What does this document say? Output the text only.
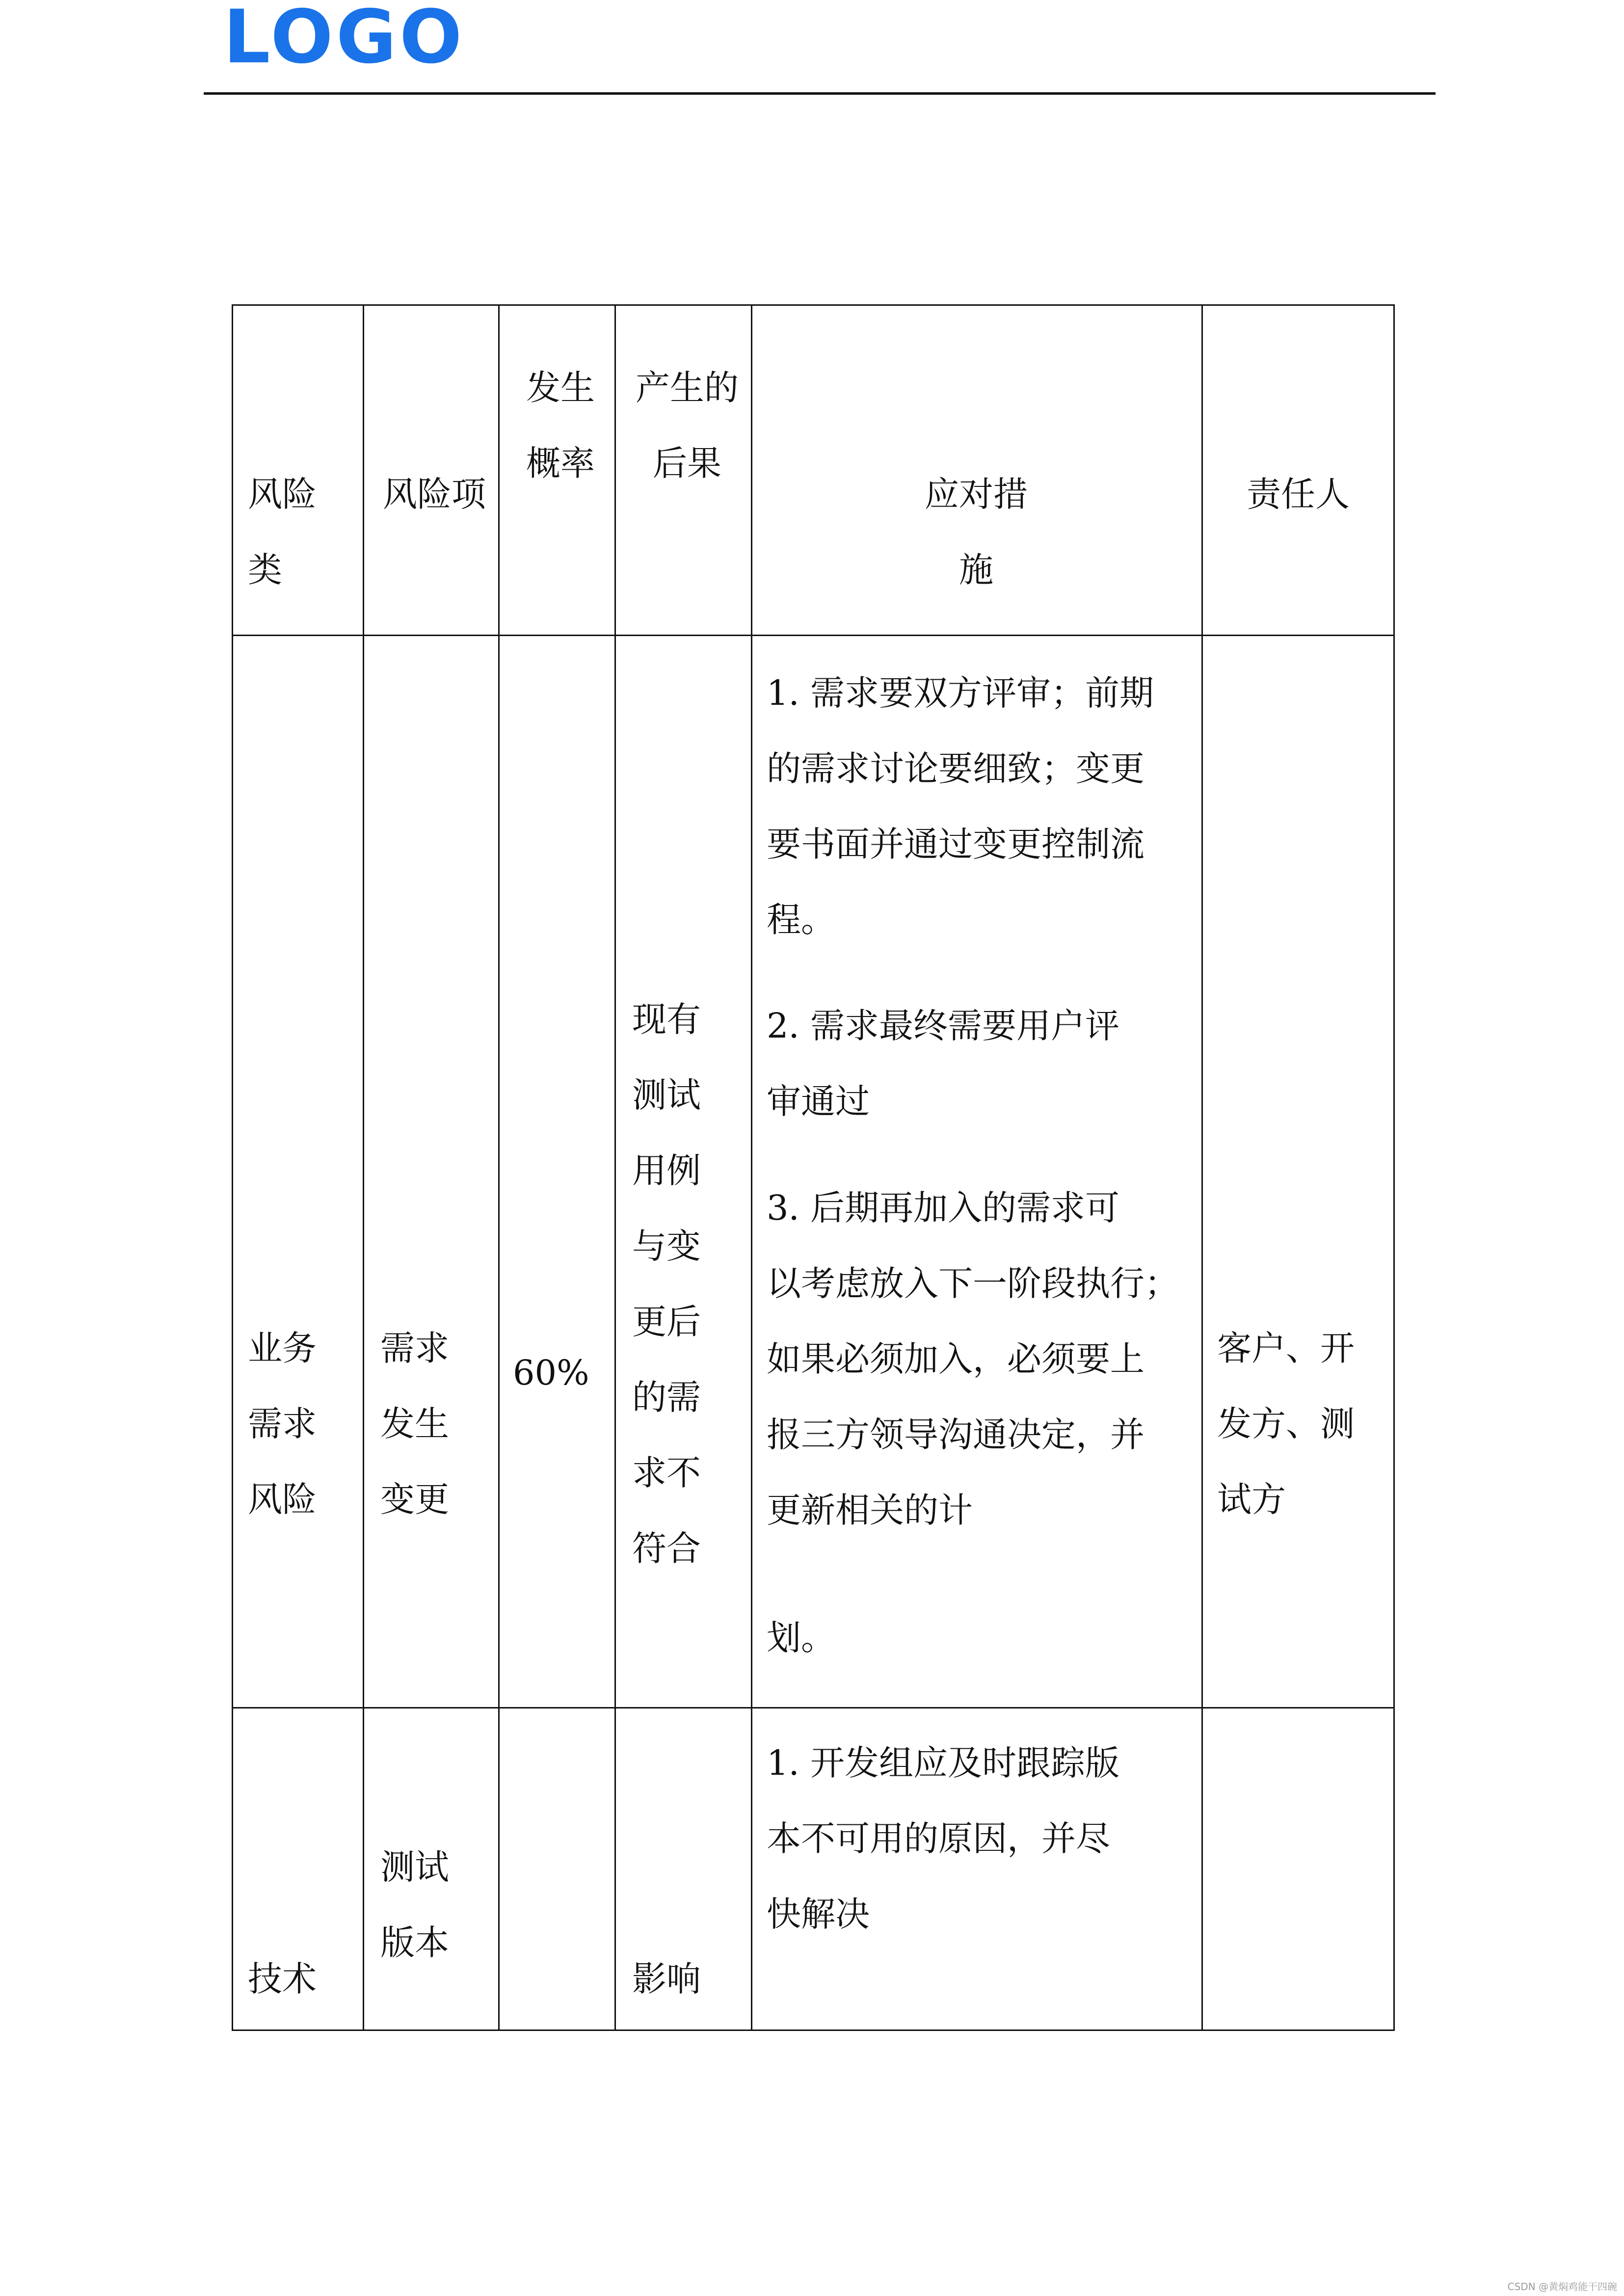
LOGO
风险
类
风险项
发生
概率
产生的
后果
应对措
施
责任人
业务
需求
风险
需求
发生
变更
60%
现有
测试
用例
与变
更后
的需
求不
符合
1. 需求要双方评审；前期
的需求讨论要细致；变更
要书面并通过变更控制流
程。
2. 需求最终需要用户评
审通过
3. 后期再加入的需求可
以考虑放入下一阶段执行；
如果必须加入，必须要上
报三方领导沟通决定，并
更新相关的计
划。
客户、开
发方、测
试方
技术
测试
版本
影响
1. 开发组应及时跟踪版
本不可用的原因，并尽
快解决
CSDN @黄焖鸡能干四碗
